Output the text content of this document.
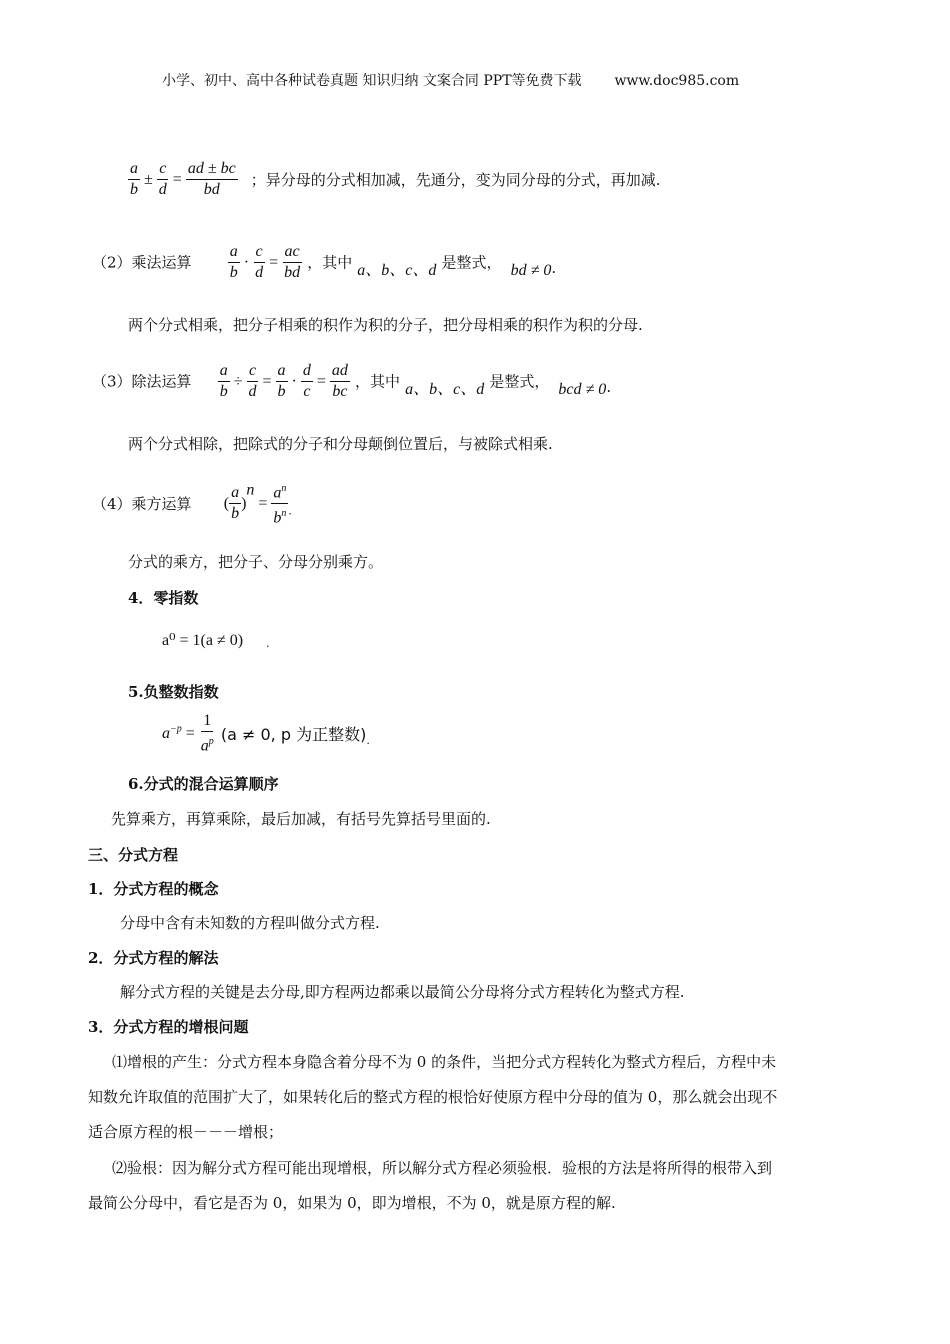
小学、初中、高中各种试卷真题 知识归纳 文案合同 PPT等免费下载 www.doc985.com
$\frac{a}{b} \pm \frac{c}{d} = \frac{ad \pm bc}{bd}$ ；异分母的分式相加减，先通分，变为同分母的分式，再加减.
（2）乘法运算 $\frac{a}{b} \cdot \frac{c}{d} = \frac{ac}{bd}$ ，其中 a、b、c、d 是整式， bd ≠ 0.
两个分式相乘，把分子相乘的积作为积的分子，把分母相乘的积作为积的分母.
（3）除法运算 $\frac{a}{b} \div \frac{c}{d} = \frac{a}{b} \cdot \frac{d}{c} = \frac{ad}{bc}$ ，其中 a、b、c、d 是整式， bcd ≠ 0.
两个分式相除，把除式的分子和分母颠倒位置后，与被除式相乘.
（4）乘方运算 ( $\frac{a}{b} )^n= \frac{a^n}{b^n} _.$
分式的乘方，把分子、分母分别乘方。
4．零指数
a⁰ = 1(a ≠ 0) .
5.负整数指数
$a^{-p} = \frac{1}{a^p} (a \ne 0$, p 为正整数)$_.$
6.分式的混合运算顺序
先算乘方，再算乘除，最后加减，有括号先算括号里面的.
三、分式方程
1．分式方程的概念
分母中含有未知数的方程叫做分式方程.
2．分式方程的解法
解分式方程的关键是去分母,即方程两边都乘以最简公分母将分式方程转化为整式方程.
3．分式方程的增根问题
⑴增根的产生：分式方程本身隐含着分母不为 0 的条件，当把分式方程转化为整式方程后，方程中未
知数允许取值的范围扩大了，如果转化后的整式方程的根恰好使原方程中分母的值为 0，那么就会出现不
适合原方程的根－－－增根；
⑵验根：因为解分式方程可能出现增根，所以解分式方程必须验根．验根的方法是将所得的根带入到
最简公分母中，看它是否为 0，如果为 0，即为增根，不为 0，就是原方程的解.
